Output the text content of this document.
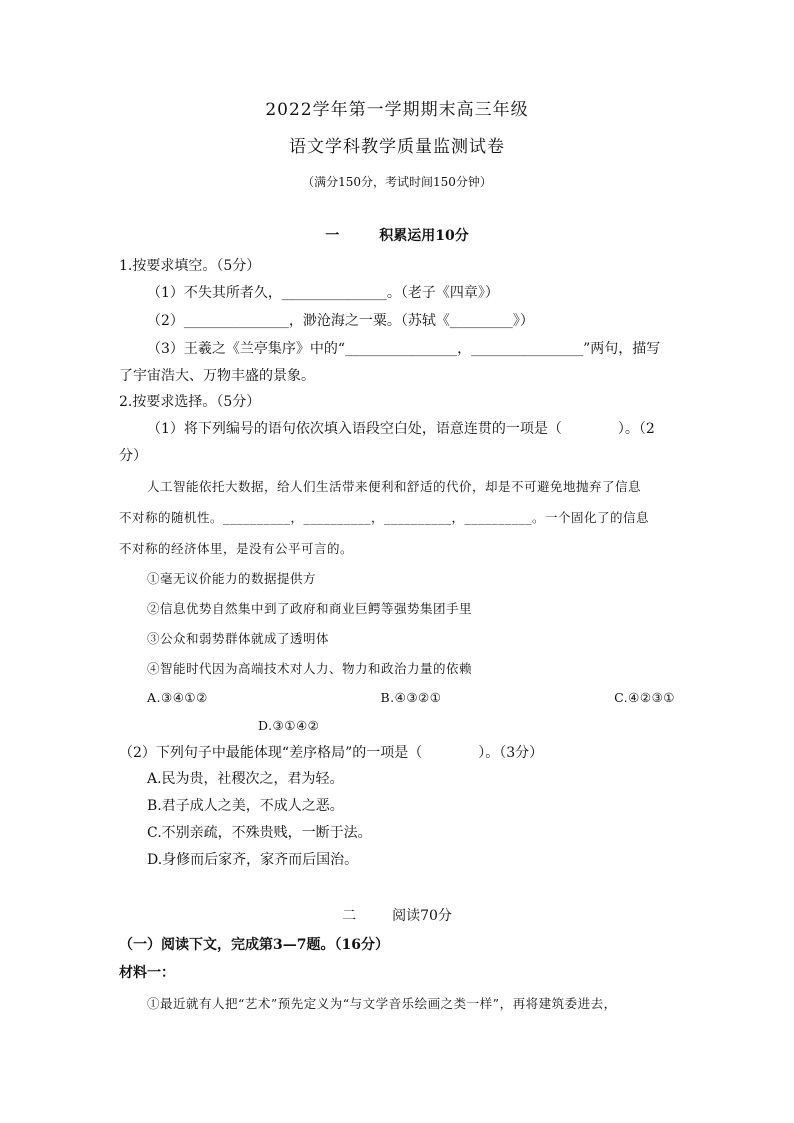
2022学年第一学期期末高三年级
语文学科教学质量监测试卷
（满分150分，考试时间150分钟）
一	积累运用10分
1.按要求填空。（5分）
（1）不失其所者久，_______________。（老子《四章》）
（2）_______________，渺沧海之一粟。（苏轼《_________》）
（3）王羲之《兰亭集序》中的“________________，________________”两句，描写
了宇宙浩大、万物丰盛的景象。
2.按要求选择。（5分）
（1）将下列编号的语句依次填入语段空白处，语意连贯的一项是（　　　　）。（2
分）
人工智能依托大数据，给人们生活带来便利和舒适的代价，却是不可避免地抛弃了信息
不对称的随机性。__________，__________，__________，__________。一个固化了的信息
不对称的经济体里，是没有公平可言的。
①毫无议价能力的数据提供方
②信息优势自然集中到了政府和商业巨鳄等强势集团手里
③公众和弱势群体就成了透明体
④智能时代因为高端技术对人力、物力和政治力量的依赖
A.③④①②	B.④③②①	C.④②③①
D.③①④②
（2）下列句子中最能体现“差序格局”的一项是（　　　　）。（3分）
A.民为贵，社稷次之，君为轻。
B.君子成人之美，不成人之恶。
C.不别亲疏，不殊贵贱，一断于法。
D.身修而后家齐，家齐而后国治。
二	阅读70分
（一）阅读下文，完成第3—7题。（16分）
材料一：
①最近就有人把“艺术”预先定义为“与文学音乐绘画之类一样”，再将建筑委进去，
